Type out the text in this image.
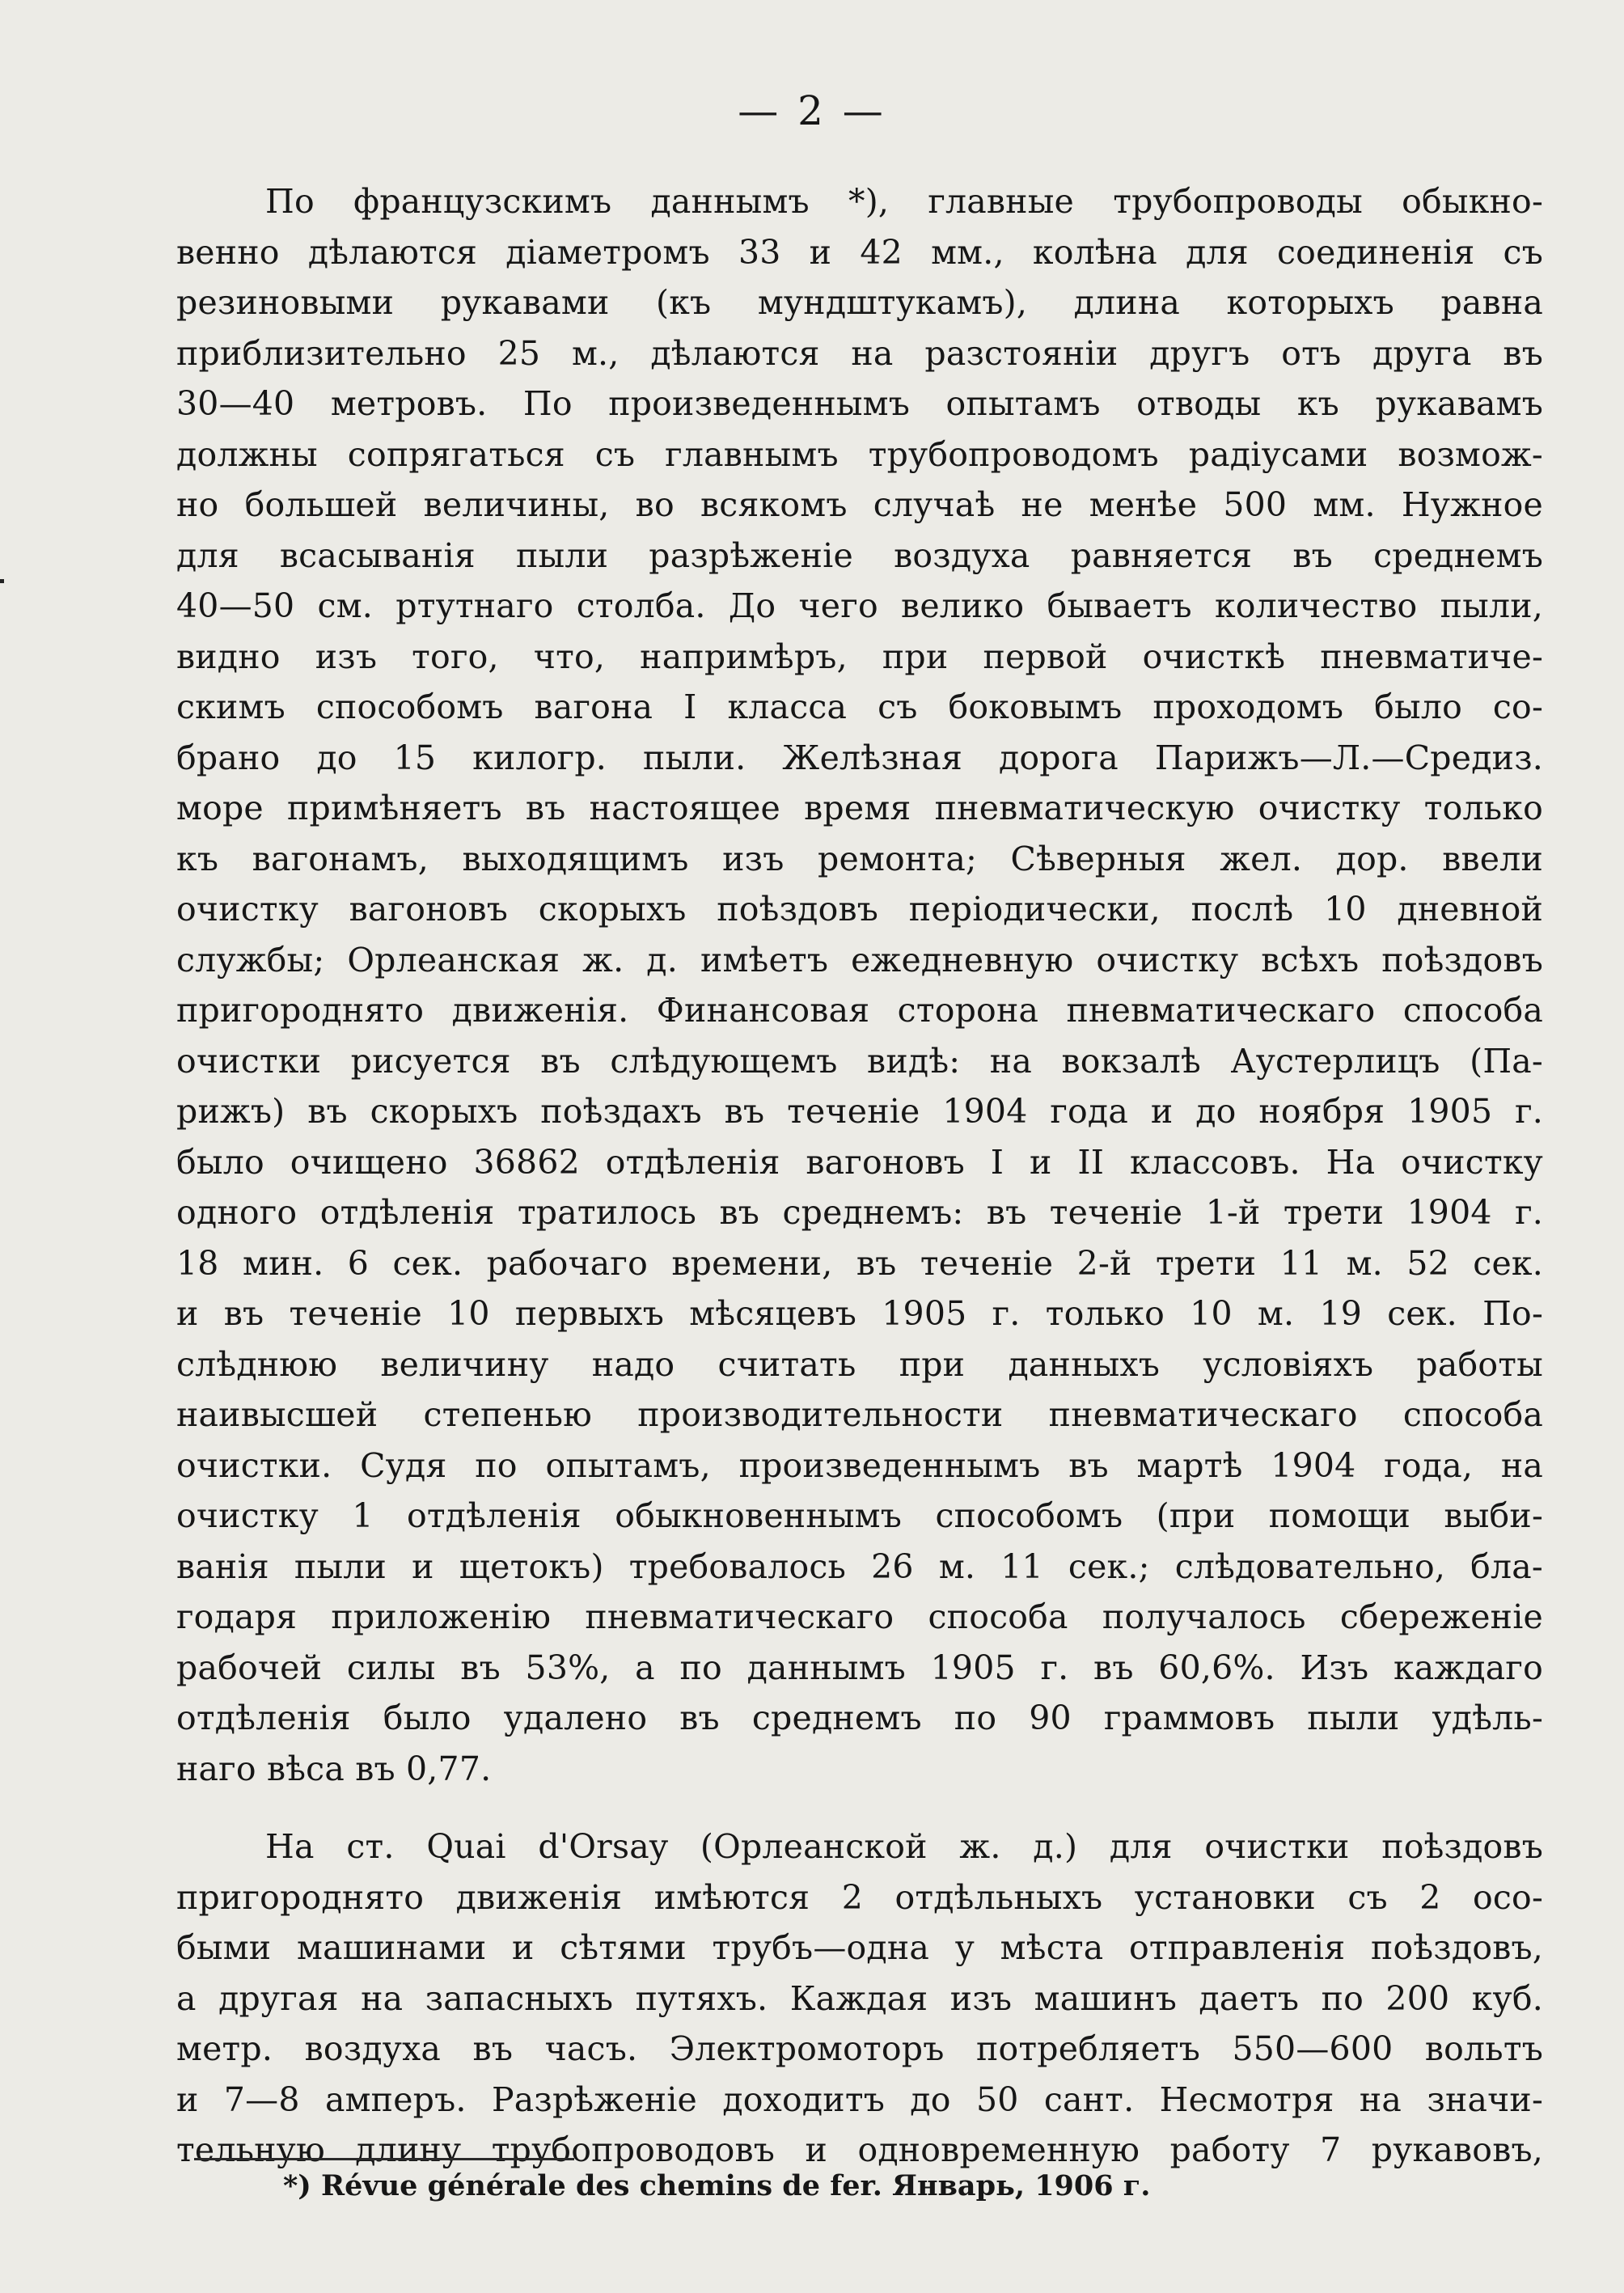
— 2 —
По французскимъ даннымъ *), главные трубопроводы обыкно-
венно дѣлаются діаметромъ 33 и 42 мм., колѣна для соединенія съ
резиновыми рукавами (къ мундштукамъ), длина которыхъ равна
приблизительно 25 м., дѣлаются на разстояніи другъ отъ друга въ
30—40 метровъ. По произведеннымъ опытамъ отводы къ рукавамъ
должны сопрягаться съ главнымъ трубопроводомъ радіусами возмож-
но большей величины, во всякомъ случаѣ не менѣе 500 мм. Нужное
для всасыванія пыли разрѣженіе воздуха равняется въ среднемъ
40—50 см. ртутнаго столба. До чего велико бываетъ количество пыли,
видно изъ того, что, напримѣръ, при первой очисткѣ пневматиче-
скимъ способомъ вагона I класса съ боковымъ проходомъ было со-
брано до 15 килогр. пыли. Желѣзная дорога Парижъ—Л.—Средиз.
море примѣняетъ въ настоящее время пневматическую очистку только
къ вагонамъ, выходящимъ изъ ремонта; Сѣверныя жел. дор. ввели
очистку вагоновъ скорыхъ поѣздовъ періодически, послѣ 10 дневной
службы; Орлеанская ж. д. имѣетъ ежедневную очистку всѣхъ поѣздовъ
пригороднято движенія. Финансовая сторона пневматическаго способа
очистки рисуется въ слѣдующемъ видѣ: на вокзалѣ Аустерлицъ (Па-
рижъ) въ скорыхъ поѣздахъ въ теченіе 1904 года и до ноября 1905 г.
было очищено 36862 отдѣленія вагоновъ I и II классовъ. На очистку
одного отдѣленія тратилось въ среднемъ: въ теченіе 1-й трети 1904 г.
18 мин. 6 сек. рабочаго времени, въ теченіе 2-й трети 11 м. 52 сек.
и въ теченіе 10 первыхъ мѣсяцевъ 1905 г. только 10 м. 19 сек. По-
слѣднюю величину надо считать при данныхъ условіяхъ работы
наивысшей степенью производительности пневматическаго способа
очистки. Судя по опытамъ, произведеннымъ въ мартѣ 1904 года, на
очистку 1 отдѣленія обыкновеннымъ способомъ (при помощи выби-
ванія пыли и щетокъ) требовалось 26 м. 11 сек.; слѣдовательно, бла-
годаря приложенію пневматическаго способа получалось сбереженіе
рабочей силы въ 53%, а по даннымъ 1905 г. въ 60,6%. Изъ каждаго
отдѣленія было удалено въ среднемъ по 90 граммовъ пыли удѣль-
наго вѣса въ 0,77.
На ст. Quai d'Orsay (Орлеанской ж. д.) для очистки поѣздовъ
пригороднято движенія имѣются 2 отдѣльныхъ установки съ 2 осо-
быми машинами и сѣтями трубъ—одна у мѣста отправленія поѣздовъ,
а другая на запасныхъ путяхъ. Каждая изъ машинъ даетъ по 200 куб.
метр. воздуха въ часъ. Электромоторъ потребляетъ 550—600 вольтъ
и 7—8 амперъ. Разрѣженіе доходитъ до 50 сант. Несмотря на значи-
тельную длину трубопроводовъ и одновременную работу 7 рукавовъ,
*) Révue générale des chemins de fer. Январь, 1906 г.
